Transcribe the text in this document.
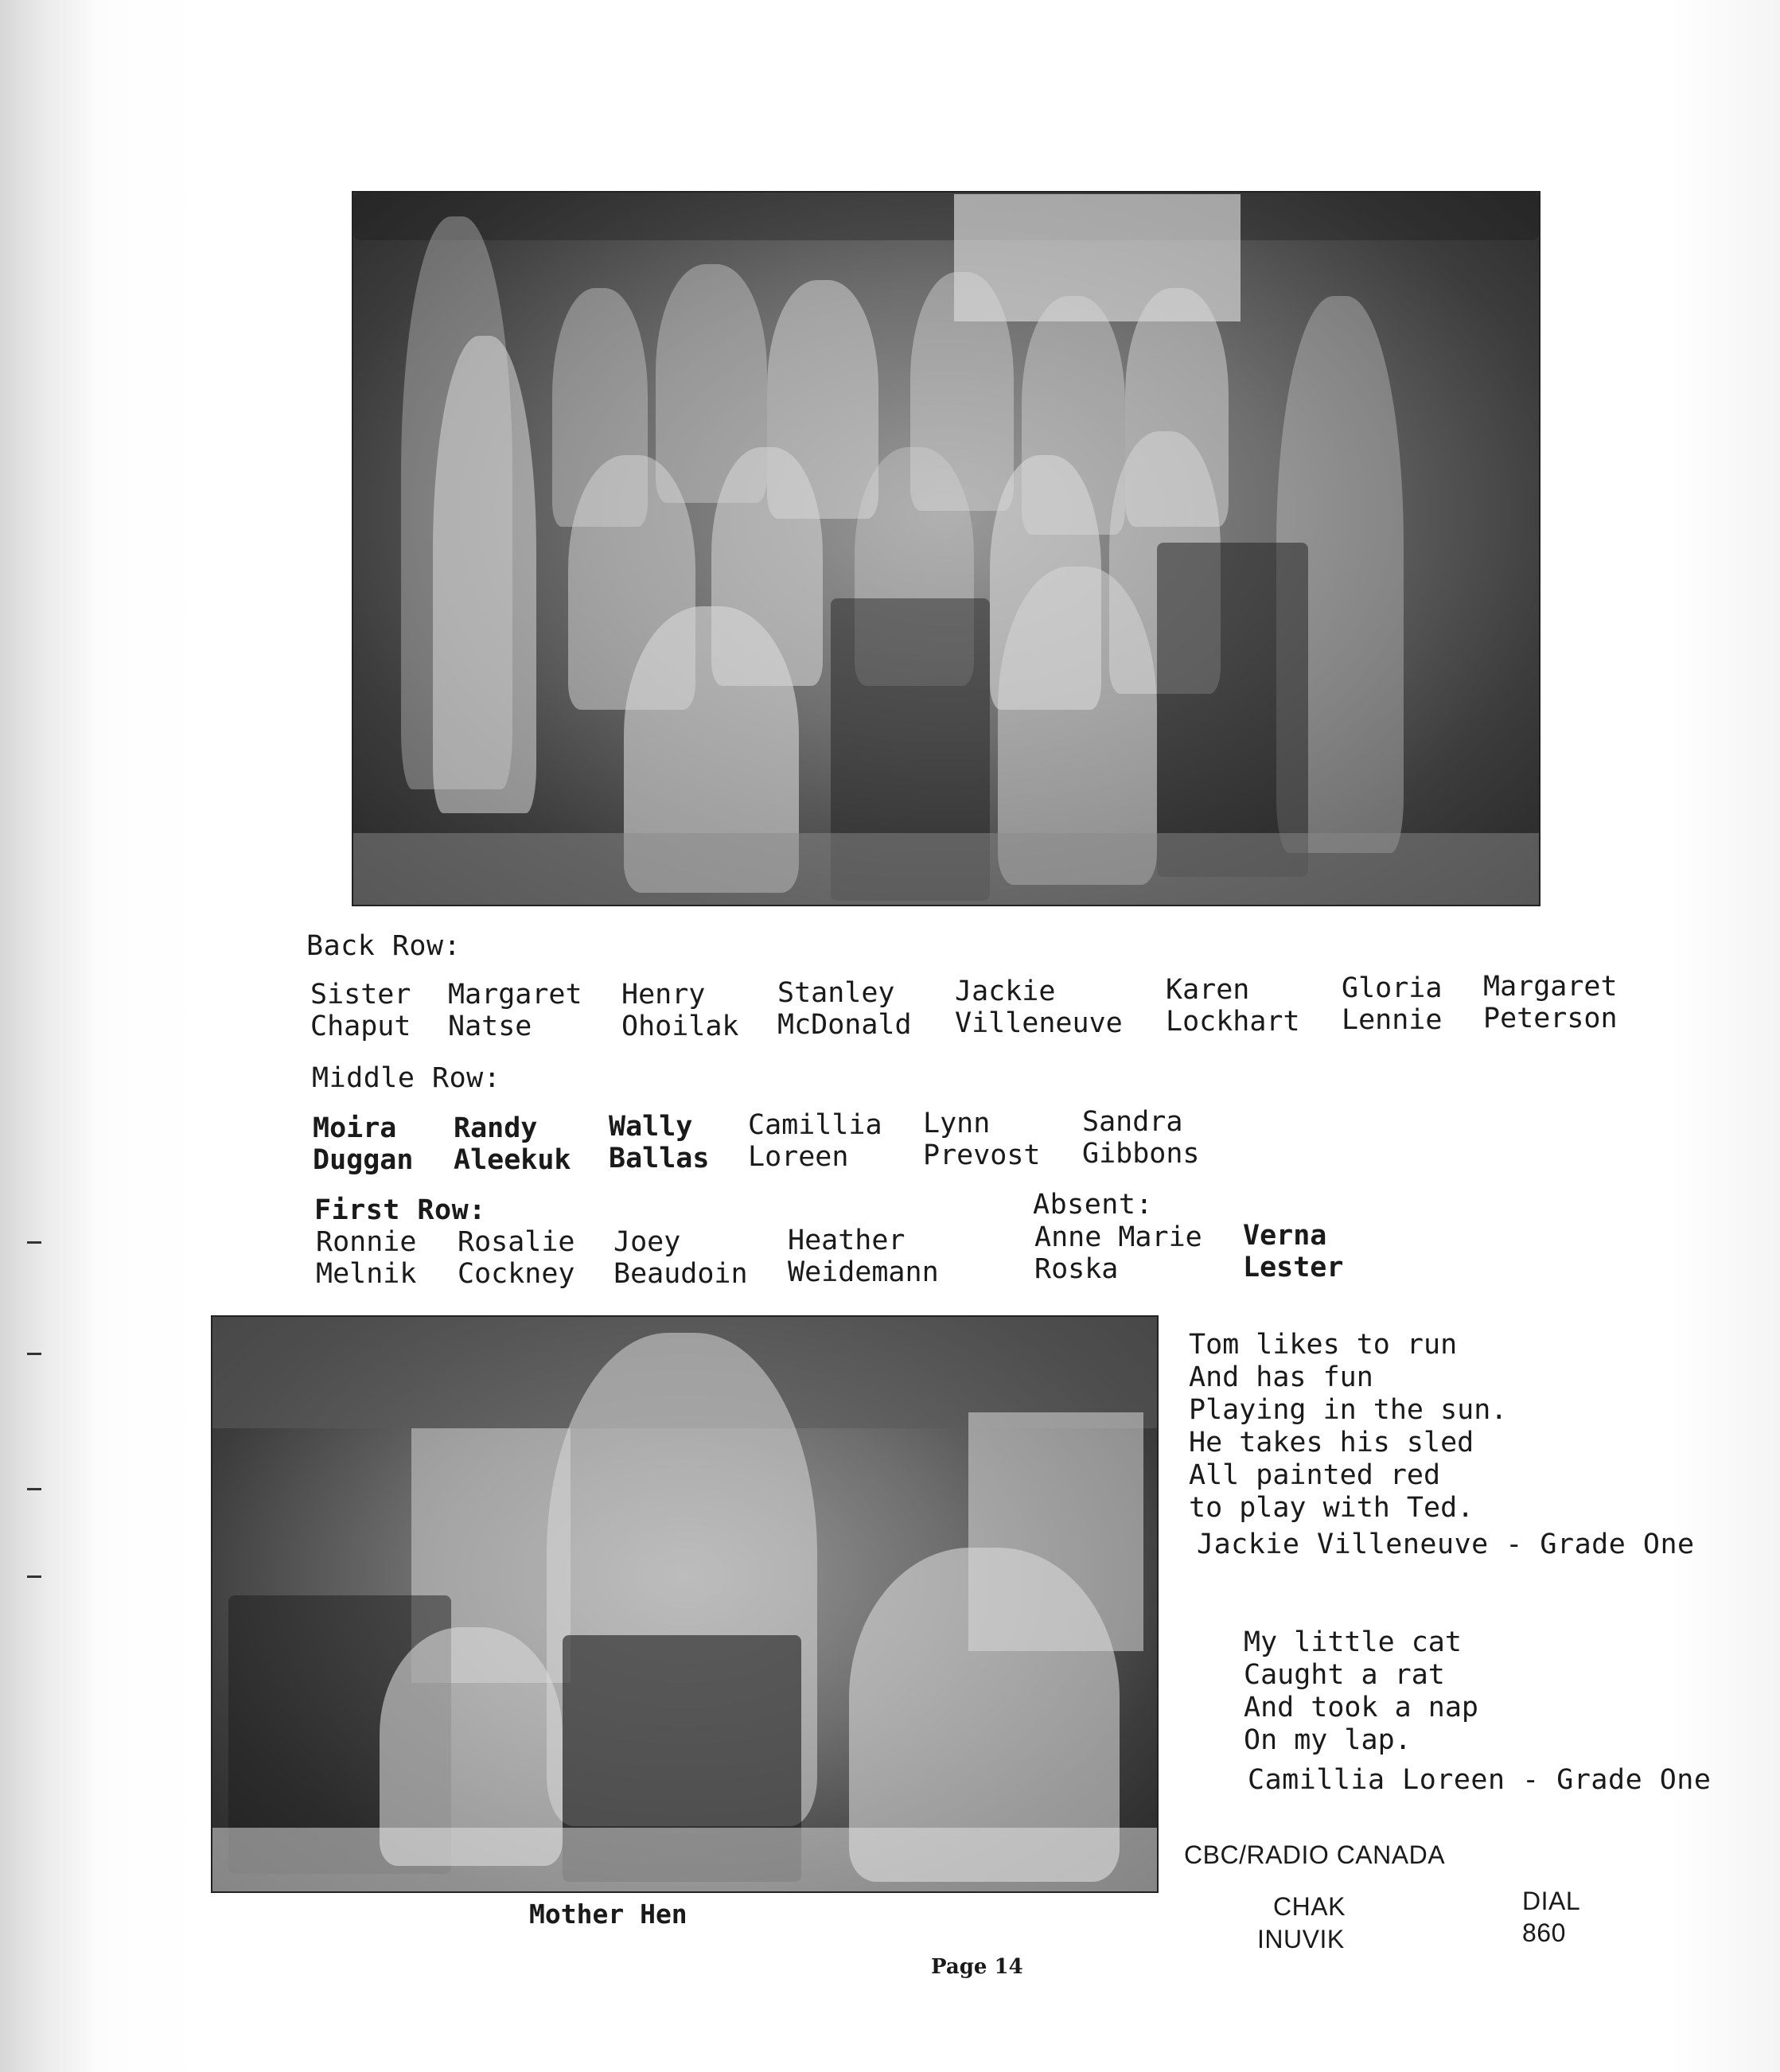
Back Row:
Sister
Chaput
Margaret
Natse
Henry
Ohoilak
Stanley
McDonald
Jackie
Villeneuve
Karen
Lockhart
Gloria
Lennie
Margaret
Peterson
Middle Row:
Moira
Duggan
Randy
Aleekuk
Wally
Ballas
Camillia
Loreen
Lynn
Prevost
Sandra
Gibbons
First Row:
Ronnie
Melnik
Rosalie
Cockney
Joey
Beaudoin
Heather
Weidemann
Absent:
Anne Marie
Roska
Verna
Lester
Mother Hen
Tom likes to run
And has fun
Playing in the sun.
He takes his sled
All painted red
to play with Ted.
Jackie Villeneuve - Grade One
My little cat
Caught a rat
And took a nap
On my lap.
Camillia Loreen - Grade One
CBC/RADIO CANADA
CHAK
INUVIK
DIAL
860
Page 14
